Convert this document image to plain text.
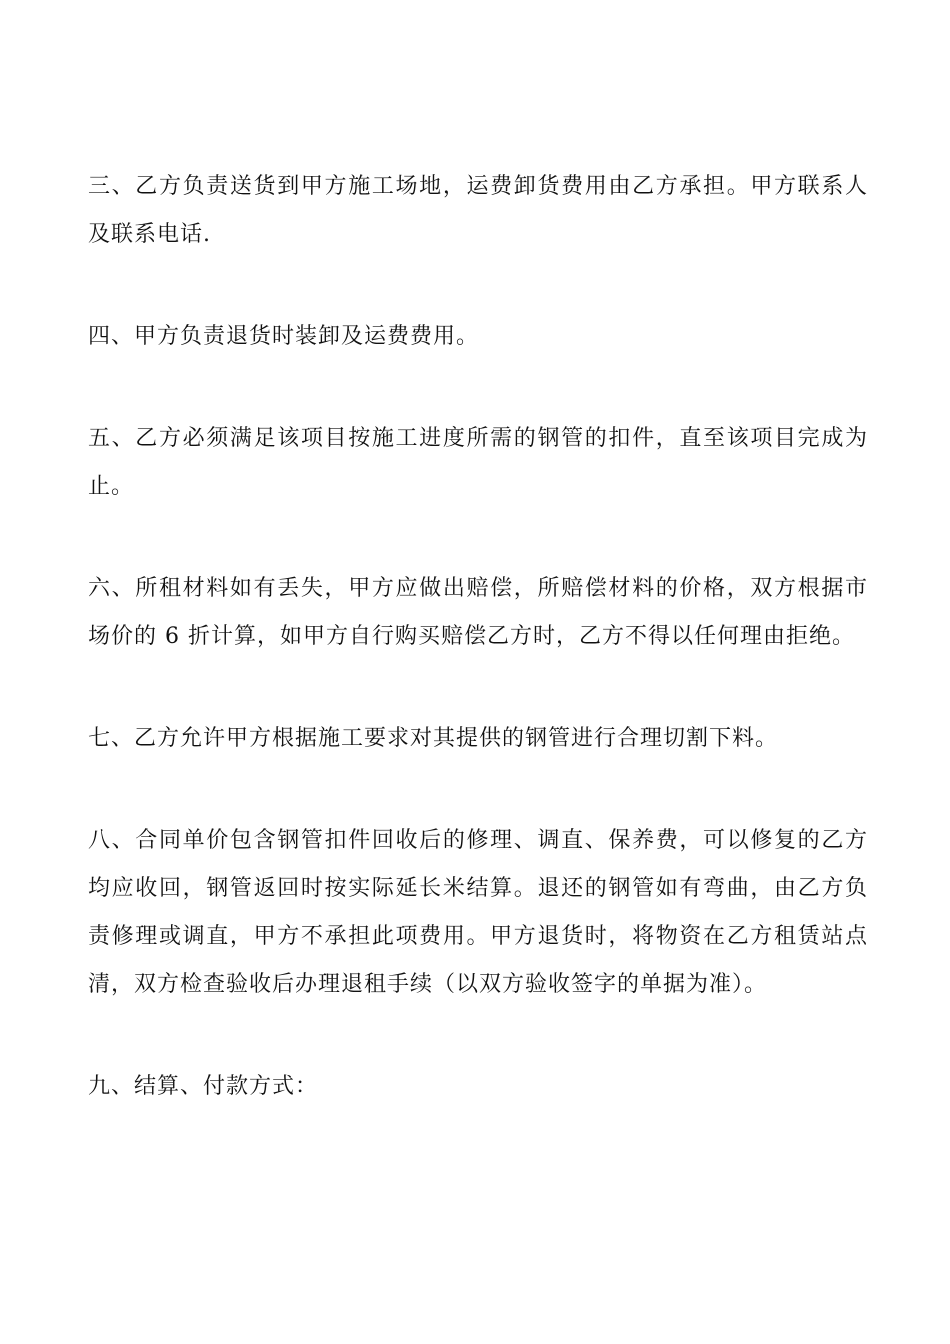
三、乙方负责送货到甲方施工场地，运费卸货费用由乙方承担。甲方联系人及联系电话.

四、甲方负责退货时装卸及运费费用。

五、乙方必须满足该项目按施工进度所需的钢管的扣件，直至该项目完成为止。

六、所租材料如有丢失，甲方应做出赔偿，所赔偿材料的价格，双方根据市场价的 6 折计算，如甲方自行购买赔偿乙方时，乙方不得以任何理由拒绝。

七、乙方允许甲方根据施工要求对其提供的钢管进行合理切割下料。

八、合同单价包含钢管扣件回收后的修理、调直、保养费，可以修复的乙方均应收回，钢管返回时按实际延长米结算。退还的钢管如有弯曲，由乙方负责修理或调直，甲方不承担此项费用。甲方退货时，将物资在乙方租赁站点清，双方检查验收后办理退租手续（以双方验收签字的单据为准）。

九、结算、付款方式：
